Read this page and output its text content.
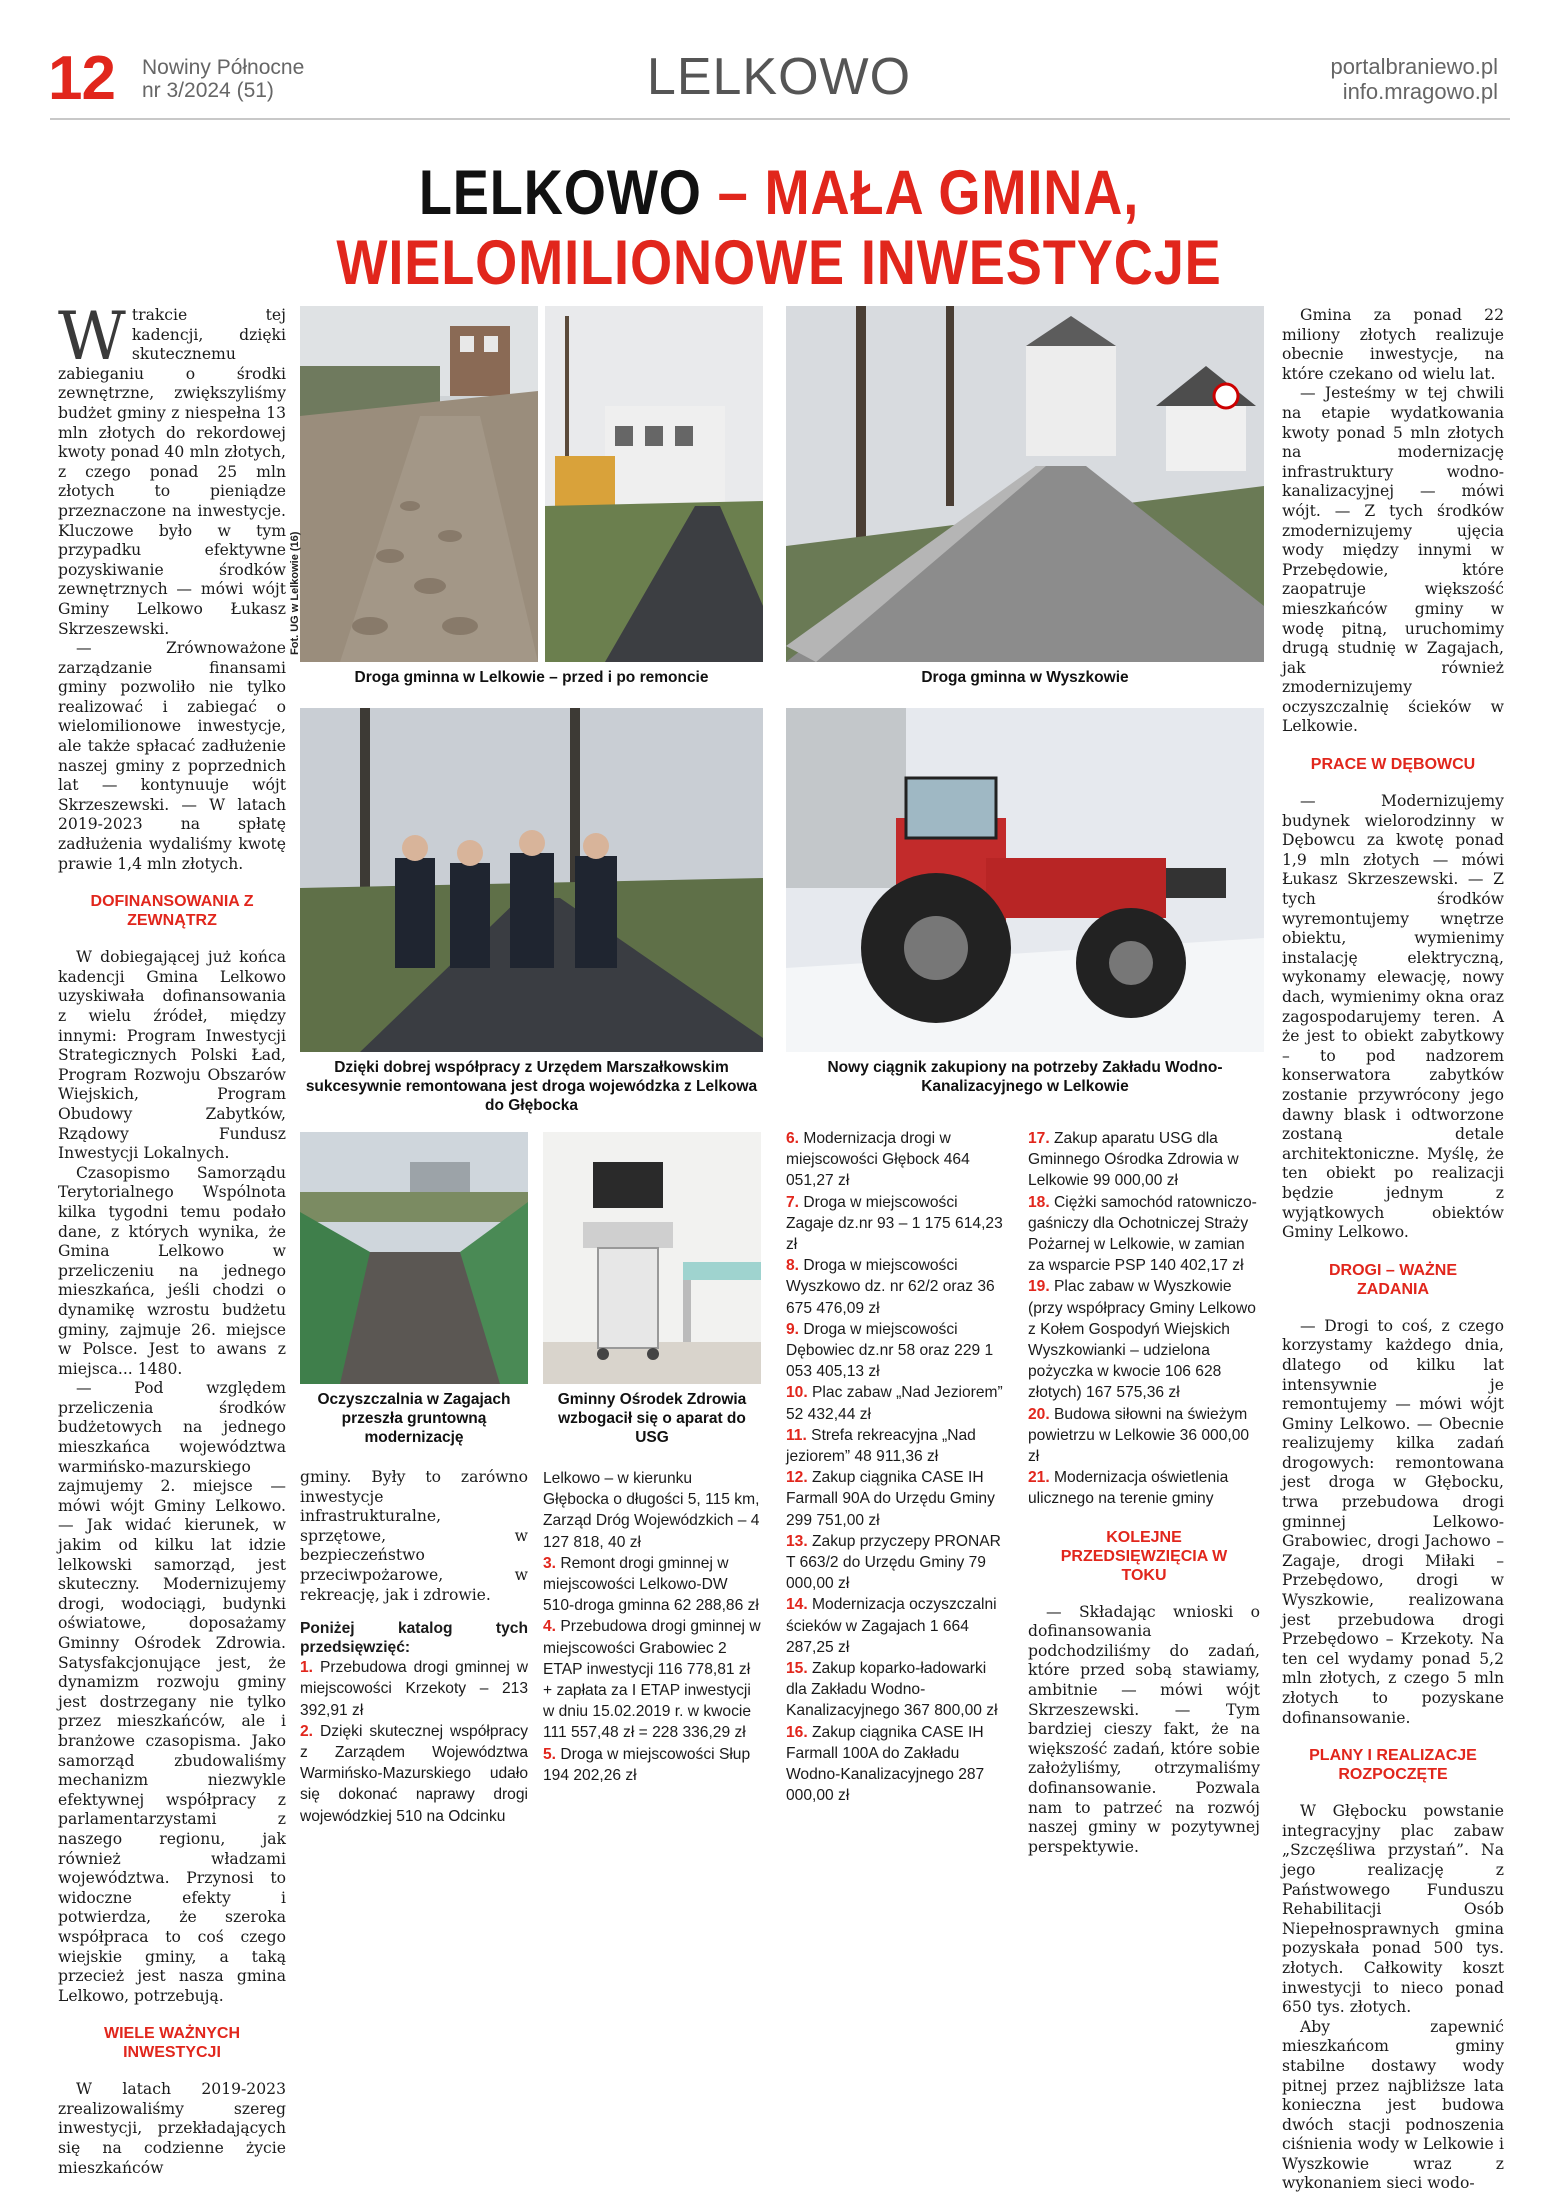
12 Nowiny Północne
nr 3/2024 (51)	LELKOWO	portalbraniewo.pl
info.mragowo.pl
LELKOWO – MAŁA GMINA,
WIELOMILIONOWE INWESTYCJE

Wtrakcie tej kadencji, dzięki skutecznemu zabieganiu o środki zewnętrzne, zwiększyliśmy budżet gminy z niespełna 13 mln złotych do rekordowej kwoty ponad 40 mln złotych, z czego ponad 25 mln złotych to pieniądze przeznaczone na inwestycje. Kluczowe było w tym przypadku efektywne pozyskiwanie środków zewnętrznych — mówi wójt Gminy Lelkowo Łukasz Skrzeszewski.

— Zrównoważone zarządzanie finansami gminy pozwoliło nie tylko realizować i zabiegać o wielomilionowe inwestycje, ale także spłacać zadłużenie naszej gminy z poprzednich lat — kontynuuje wójt Skrzeszewski. — W latach 2019-2023 na spłatę zadłużenia wydaliśmy kwotę prawie 1,4 mln złotych.

DOFINANSOWANIA Z ZEWNĄTRZ

W dobiegającej już końca kadencji Gmina Lelkowo uzyskiwała dofinansowania z wielu źródeł, między innymi: Program Inwestycji Strategicznych Polski Ład, Program Rozwoju Obszarów Wiejskich, Program Obudowy Zabytków, Rządowy Fundusz Inwestycji Lokalnych.

Czasopismo Samorządu Terytorialnego Wspólnota kilka tygodni temu podało dane, z których wynika, że Gmina Lelkowo w przeliczeniu na jednego mieszkańca, jeśli chodzi o dynamikę wzrostu budżetu gminy, zajmuje 26. miejsce w Polsce. Jest to awans z miejsca... 1480.

— Pod względem przeliczenia środków budżetowych na jednego mieszkańca województwa warmińsko-mazurskiego zajmujemy 2. miejsce — mówi wójt Gminy Lelkowo. — Jak widać kierunek, w jakim od kilku lat idzie lelkowski samorząd, jest skuteczny. Modernizujemy drogi, wodociągi, budynki oświatowe, doposażamy Gminny Ośrodek Zdrowia. Satysfakcjonujące jest, że dynamizm rozwoju gminy jest dostrzegany nie tylko przez mieszkańców, ale i branżowe czasopisma. Jako samorząd zbudowaliśmy mechanizm niezwykle efektywnej współpracy z parlamentarzystami z naszego regionu, jak również władzami województwa. Przynosi to widoczne efekty i potwierdza, że szeroka współpraca to coś czego wiejskie gminy, a taką przecież jest nasza gmina Lelkowo, potrzebują.

WIELE WAŻNYCH INWESTYCJI

W latach 2019-2023 zrealizowaliśmy szereg inwestycji, przekładających się na codzienne życie mieszkańców

Fot. UG w Lelkowie (16)
Droga gminna w Lelkowie – przed i po remoncie	Droga gminna w Wyszkowie
Dzięki dobrej współpracy z Urzędem Marszałkowskim sukcesywnie remontowana jest droga wojewódzka z Lelkowa do Głębocka
Nowy ciągnik zakupiony na potrzeby Zakładu Wodno-Kanalizacyjnego w Lelkowie
Oczyszczalnia w Zagajach przeszła gruntowną modernizację
Gminny Ośrodek Zdrowia wzbogacił się o aparat do USG

gminy. Były to zarówno inwestycje infrastrukturalne, sprzętowe, w bezpieczeństwo przeciwpożarowe, w rekreację, jak i zdrowie.

Poniżej katalog tych przedsięwzięć:
1. Przebudowa drogi gminnej w miejscowości Krzekoty – 213 392,91 zł
2. Dzięki skutecznej współpracy z Zarządem Województwa Warmińsko-Mazurskiego udało się dokonać naprawy drogi wojewódzkiej 510 na Odcinku
Lelkowo – w kierunku Głębocka o długości 5, 115 km, Zarząd Dróg Wojewódzkich – 4 127 818, 40 zł
3. Remont drogi gminnej w miejscowości Lelkowo-DW 510-droga gminna 62 288,86 zł
4. Przebudowa drogi gminnej w miejscowości Grabowiec 2 ETAP inwestycji 116 778,81 zł + zapłata za I ETAP inwestycji w dniu 15.02.2019 r. w kwocie 111 557,48 zł = 228 336,29 zł
5. Droga w miejscowości Słup 194 202,26 zł
6. Modernizacja drogi w miejscowości Głębock 464 051,27 zł
7. Droga w miejscowości Zagaje dz.nr 93 – 1 175 614,23 zł
8. Droga w miejscowości Wyszkowo dz. nr 62/2 oraz 36 675 476,09 zł
9. Droga w miejscowości Dębowiec dz.nr 58 oraz 229 1 053 405,13 zł
10. Plac zabaw „Nad Jeziorem” 52 432,44 zł
11. Strefa rekreacyjna „Nad jeziorem” 48 911,36 zł
12. Zakup ciągnika CASE IH Farmall 90A do Urzędu Gminy 299 751,00 zł
13. Zakup przyczepy PRONAR T 663/2 do Urzędu Gminy 79 000,00 zł
14. Modernizacja oczyszczalni ścieków w Zagajach 1 664 287,25 zł
15. Zakup koparko-ładowarki dla Zakładu Wodno-Kanalizacyjnego 367 800,00 zł
16. Zakup ciągnika CASE IH Farmall 100A do Zakładu Wodno-Kanalizacyjnego 287 000,00 zł
17. Zakup aparatu USG dla Gminnego Ośrodka Zdrowia w Lelkowie 99 000,00 zł
18. Ciężki samochód ratowniczo-gaśniczy dla Ochotniczej Straży Pożarnej w Lelkowie, w zamian za wsparcie PSP 140 402,17 zł
19. Plac zabaw w Wyszkowie (przy współpracy Gminy Lelkowo z Kołem Gospodyń Wiejskich Wyszkowianki – udzielona pożyczka w kwocie 106 628 złotych) 167 575,36 zł
20. Budowa siłowni na świeżym powietrzu w Lelkowie 36 000,00 zł
21. Modernizacja oświetlenia ulicznego na terenie gminy
KOLEJNE PRZEDSIĘWZIĘCIA W TOKU

— Składając wnioski o dofinansowania podchodziliśmy do zadań, które przed sobą stawiamy, ambitnie — mówi wójt Skrzeszewski. — Tym bardziej cieszy fakt, że na większość zadań, które sobie założyliśmy, otrzymaliśmy dofinansowanie. Pozwala nam to patrzeć na rozwój naszej gminy w pozytywnej perspektywie.

Gmina za ponad 22 miliony złotych realizuje obecnie inwestycje, na które czekano od wielu lat.

— Jesteśmy w tej chwili na etapie wydatkowania kwoty ponad 5 mln złotych na modernizację infrastruktury wodno-kanalizacyjnej — mówi wójt. — Z tych środków zmodernizujemy ujęcia wody między innymi w Przebędowie, które zaopatruje większość mieszkańców gminy w wodę pitną, uruchomimy drugą studnię w Zagajach, jak również zmodernizujemy oczyszczalnię ścieków w Lelkowie.

PRACE W DĘBOWCU

— Modernizujemy budynek wielorodzinny w Dębowcu za kwotę ponad 1,9 mln złotych — mówi Łukasz Skrzeszewski. — Z tych środków wyremontujemy wnętrze obiektu, wymienimy instalację elektryczną, wykonamy elewację, nowy dach, wymienimy okna oraz zagospodarujemy teren. A że jest to obiekt zabytkowy – to pod nadzorem konserwatora zabytków zostanie przywrócony jego dawny blask i odtworzone zostaną detale architektoniczne. Myślę, że ten obiekt po realizacji będzie jednym z wyjątkowych obiektów Gminy Lelkowo.

DROGI – WAŻNE ZADANIA

— Drogi to coś, z czego korzystamy każdego dnia, dlatego od kilku lat intensywnie je remontujemy — mówi wójt Gminy Lelkowo. — Obecnie realizujemy kilka zadań drogowych: remontowana jest droga w Głębocku, trwa przebudowa drogi gminnej Lelkowo-Grabowiec, drogi Jachowo – Zagaje, drogi Miłaki – Przebędowo, drogi w Wyszkowie, realizowana jest przebudowa drogi Przebędowo – Krzekoty. Na ten cel wydamy ponad 5,2 mln złotych, z czego 5 mln złotych to pozyskane dofinansowanie.

PLANY I REALIZACJE ROZPOCZĘTE

W Głębocku powstanie integracyjny plac zabaw „Szczęśliwa przystań”. Na jego realizację z Państwowego Funduszu Rehabilitacji Osób Niepełnosprawnych gmina pozyskała ponad 500 tys. złotych. Całkowity koszt inwestycji to nieco ponad 650 tys. złotych.

Aby zapewnić mieszkańcom gminy stabilne dostawy wody pitnej przez najbliższe lata konieczna jest budowa dwóch stacji podnoszenia ciśnienia wody w Lelkowie i Wyszkowie wraz z wykonaniem sieci wodo-
